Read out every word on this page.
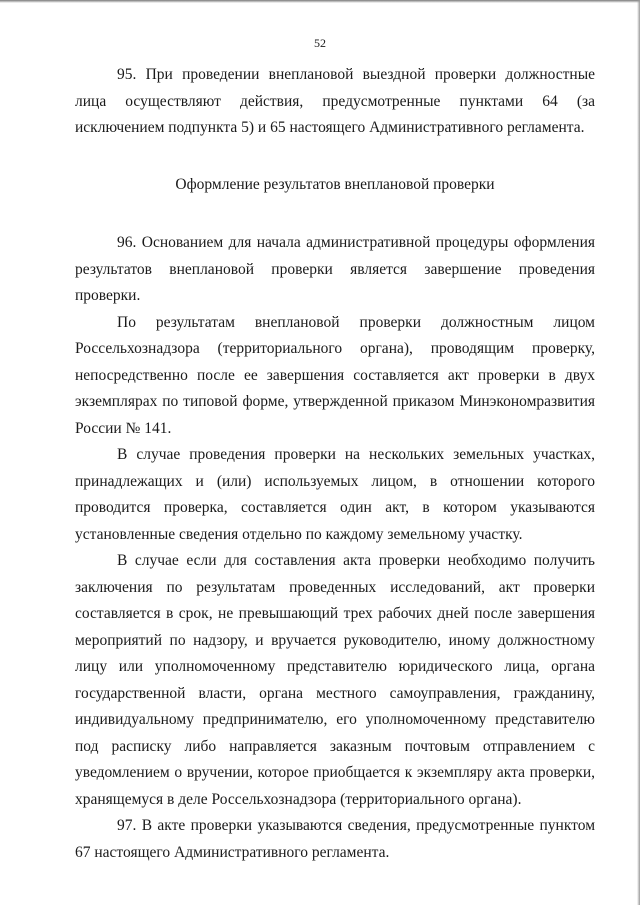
52

95. При проведении внеплановой выездной проверки должностные лица осуществляют действия, предусмотренные пунктами 64 (за исключением подпункта 5) и 65 настоящего Административного регламента.

Оформление результатов внеплановой проверки

96. Основанием для начала административной процедуры оформления результатов внеплановой проверки является завершение проведения проверки.

По результатам внеплановой проверки должностным лицом Россельхознадзора (территориального органа), проводящим проверку, непосредственно после ее завершения составляется акт проверки в двух экземплярах по типовой форме, утвержденной приказом Минэкономразвития России № 141.

В случае проведения проверки на нескольких земельных участках, принадлежащих и (или) используемых лицом, в отношении которого проводится проверка, составляется один акт, в котором указываются установленные сведения отдельно по каждому земельному участку.

В случае если для составления акта проверки необходимо получить заключения по результатам проведенных исследований, акт проверки составляется в срок, не превышающий трех рабочих дней после завершения мероприятий по надзору, и вручается руководителю, иному должностному лицу или уполномоченному представителю юридического лица, органа государственной власти, органа местного самоуправления, гражданину, индивидуальному предпринимателю, его уполномоченному представителю под расписку либо направляется заказным почтовым отправлением с уведомлением о вручении, которое приобщается к экземпляру акта проверки, хранящемуся в деле Россельхознадзора (территориального органа).

97. В акте проверки указываются сведения, предусмотренные пунктом 67 настоящего Административного регламента.
